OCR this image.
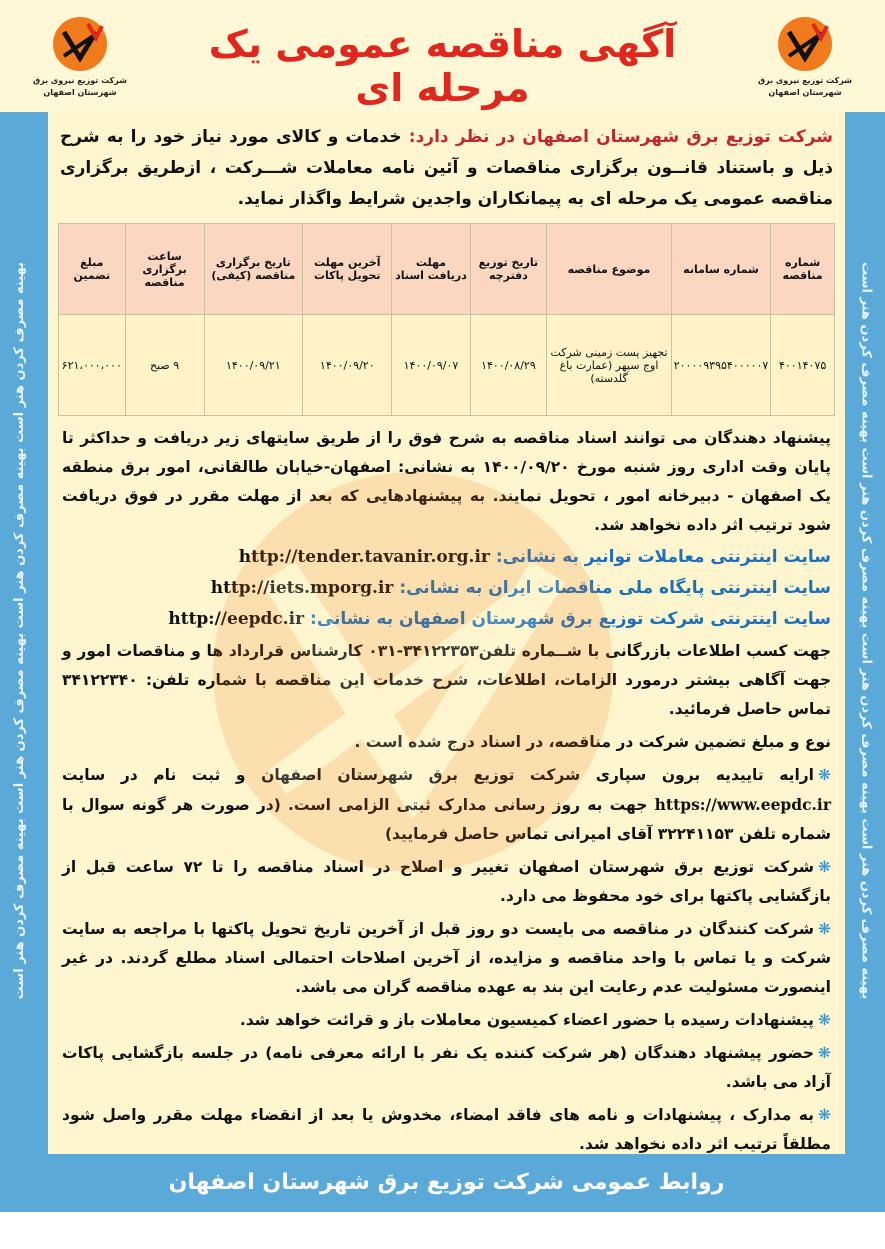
بهینه مصرف کردن هنر است بهینه مصرف کردن هنر است بهینه مصرف کردن هنر است بهینه مصرف کردن هنر است	بهینه مصرف کردن هنر است بهینه مصرف کردن هنر است بهینه مصرف کردن هنر است بهینه مصرف کردن هنر است
شرکت توزیع نیروی برق
شهرستان اصفهان
آگهی مناقصه عمومی یک مرحله ای	شرکت توزیع نیروی برق
شهرستان اصفهان
شرکت توزیع برق شهرستان اصفهان در نظر دارد: خدمات و کالای مورد نیاز خود را به شرح ذیل و باستناد قانــون برگزاری مناقصات و آئین نامه معاملات شـــرکت ، ازطریق برگزاری مناقصه عمومی یک مرحله ای به پیمانکاران واجدین شرایط واگذار نماید.
شماره مناقصه	شماره سامانه	موضوع مناقصه	تاریخ توزیع دفترچه	مهلت دریافت اسناد	آخرین مهلت تحویل پاکات	تاریخ برگزاری مناقصه (کیفی)	ساعت برگزاری مناقصه	مبلغ تضمین
۴۰۰۱۴۰۷۵	۲۰۰۰۰۹۳۹۵۴۰۰۰۰۰۷	تجهیز پست زمینی شرکت اوج سپهر (عمارت باغ گلدسته)	۱۴۰۰/۰۸/۲۹	۱۴۰۰/۰۹/۰۷	۱۴۰۰/۰۹/۲۰	۱۴۰۰/۰۹/۲۱	۹ صبح	۶۲۱،۰۰۰،۰۰۰
پیشنهاد دهندگان می توانند اسناد مناقصه به شرح فوق را از طریق سایتهای زیر دریافت و حداکثر تا پایان وقت اداری روز شنبه مورخ ۱۴۰۰/۰۹/۲۰ به نشانی: اصفهان-خیابان طالقانی، امور برق منطقه یک اصفهان - دبیرخانه امور ، تحویل نمایند. به پیشنهادهایی که بعد از مهلت مقرر در فوق دریافت شود ترتیب اثر داده نخواهد شد.
سایت اینترنتی معاملات توانیر به نشانی: http://tender.tavanir.org.ir
سایت اینترنتی پایگاه ملی مناقصات ایران به نشانی: http://iets.mporg.ir
سایت اینترنتی شرکت توزیع برق شهرستان اصفهان به نشانی: http://eepdc.ir
جهت کسب اطلاعات بازرگانی با شــماره تلفن۳۴۱۲۲۳۵۳-۰۳۱ کارشناس قرارداد ها و مناقصات امور و جهت آگاهی بیشتر درمورد الزامات، اطلاعات، شرح خدمات این مناقصه با شماره تلفن: ۳۴۱۲۲۳۴۰ تماس حاصل فرمائید.
نوع و مبلغ تضمین شرکت در مناقصه، در اسناد درج شده است .
❋ارایه تاییدیه برون سپاری شرکت توزیع برق شهرستان اصفهان و ثبت نام در سایت https://www.eepdc.ir جهت به روز رسانی مدارک ثبتی الزامی است. (در صورت هر گونه سوال با شماره تلفن ۳۲۲۴۱۱۵۳ آقای امیرانی تماس حاصل فرمایید)
❋شرکت توزیع برق شهرستان اصفهان تغییر و اصلاح در اسناد مناقصه را تا ۷۲ ساعت قبل از بازگشایی پاکتها برای خود محفوظ می دارد.
❋شرکت کنندگان در مناقصه می بایست دو روز قبل از آخرین تاریخ تحویل پاکتها با مراجعه به سایت شرکت و یا تماس با واحد مناقصه و مزایده، از آخرین اصلاحات احتمالی اسناد مطلع گردند. در غیر اینصورت مسئولیت عدم رعایت این بند به عهده مناقصه گران می باشد.
❋پیشنهادات رسیده با حضور اعضاء کمیسیون معاملات باز و قرائت خواهد شد.
❋حضور پیشنهاد دهندگان (هر شرکت کننده یک نفر با ارائه معرفی نامه) در جلسه بازگشایی پاکات آزاد می باشد.
❋به مدارک ، پیشنهادات و نامه های فاقد امضاء، مخدوش یا بعد از انقضاء مهلت مقرر واصل شود مطلقاً ترتیب اثر داده نخواهد شد.
روابط عمومی شرکت توزیع برق شهرستان اصفهان
